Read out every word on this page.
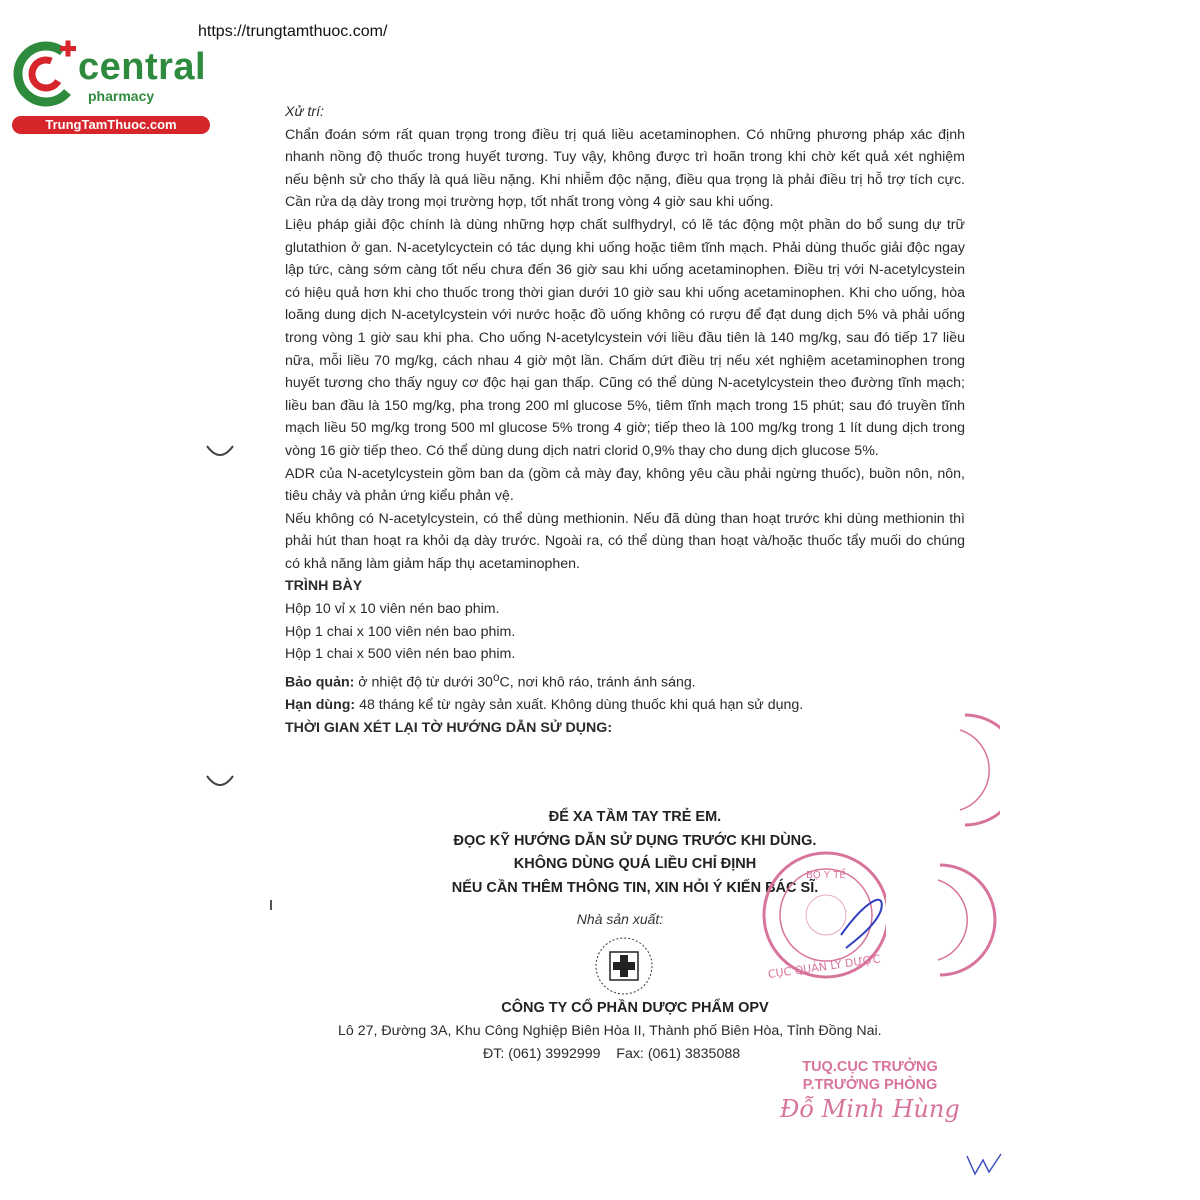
https://trungtamthuoc.com/
central
pharmacy
TrungTamThuoc.com

Xử trí:

Chẩn đoán sớm rất quan trọng trong điều trị quá liều acetaminophen. Có những phương pháp xác định nhanh nồng độ thuốc trong huyết tương. Tuy vậy, không được trì hoãn trong khi chờ kết quả xét nghiệm nếu bệnh sử cho thấy là quá liều nặng. Khi nhiễm độc nặng, điều qua trọng là phải điều trị hỗ trợ tích cực. Cần rửa dạ dày trong mọi trường hợp, tốt nhất trong vòng 4 giờ sau khi uống.

Liệu pháp giải độc chính là dùng những hợp chất sulfhydryl, có lẽ tác động một phần do bổ sung dự trữ glutathion ở gan. N-acetylcyctein có tác dụng khi uống hoặc tiêm tĩnh mạch. Phải dùng thuốc giải độc ngay lập tức, càng sớm càng tốt nếu chưa đến 36 giờ sau khi uống acetaminophen. Điều trị với N-acetylcystein có hiệu quả hơn khi cho thuốc trong thời gian dưới 10 giờ sau khi uống acetaminophen. Khi cho uống, hòa loãng dung dịch N-acetylcystein với nước hoặc đồ uống không có rượu để đạt dung dịch 5% và phải uống trong vòng 1 giờ sau khi pha. Cho uống N-acetylcystein với liều đầu tiên là 140 mg/kg, sau đó tiếp 17 liều nữa, mỗi liều 70 mg/kg, cách nhau 4 giờ một lần. Chấm dứt điều trị nếu xét nghiệm acetaminophen trong huyết tương cho thấy nguy cơ độc hại gan thấp. Cũng có thể dùng N-acetylcystein theo đường tĩnh mạch; liều ban đầu là 150 mg/kg, pha trong 200 ml glucose 5%, tiêm tĩnh mạch trong 15 phút; sau đó truyền tĩnh mạch liều 50 mg/kg trong 500 ml glucose 5% trong 4 giờ; tiếp theo là 100 mg/kg trong 1 lít dung dịch trong vòng 16 giờ tiếp theo. Có thể dùng dung dịch natri clorid 0,9% thay cho dung dịch glucose 5%.

ADR của N-acetylcystein gồm ban da (gồm cả mày đay, không yêu cầu phải ngừng thuốc), buồn nôn, nôn, tiêu chảy và phản ứng kiểu phản vệ.

Nếu không có N-acetylcystein, có thể dùng methionin. Nếu đã dùng than hoạt trước khi dùng methionin thì phải hút than hoạt ra khỏi dạ dày trước. Ngoài ra, có thể dùng than hoạt và/hoặc thuốc tẩy muối do chúng có khả năng làm giảm hấp thụ acetaminophen.

TRÌNH BÀY

Hộp 10 vỉ x 10 viên nén bao phim.

Hộp 1 chai x 100 viên nén bao phim.

Hộp 1 chai x 500 viên nén bao phim.

Bảo quản: ở nhiệt độ từ dưới 30$^o$C, nơi khô ráo, tránh ánh sáng.

Hạn dùng: 48 tháng kể từ ngày sản xuất. Không dùng thuốc khi quá hạn sử dụng.

THỜI GIAN XÉT LẠI TỜ HƯỚNG DẪN SỬ DỤNG:

ĐỂ XA TẦM TAY TRẺ EM.
ĐỌC KỸ HƯỚNG DẪN SỬ DỤNG TRƯỚC KHI DÙNG.
KHÔNG DÙNG QUÁ LIỀU CHỈ ĐỊNH
NẾU CẦN THÊM THÔNG TIN, XIN HỎI Ý KIẾN BÁC SĨ.
Nhà sản xuất:
CÔNG TY CỔ PHẦN DƯỢC PHẨM OPV
Lô 27, Đường 3A, Khu Công Nghiệp Biên Hòa II, Thành phố Biên Hòa, Tỉnh Đồng Nai.
ĐT: (061) 3992999    Fax: (061) 3835088
BỘ Y TẾ
CỤC QUẢN LÝ DƯỢC
TUQ.CỤC TRƯỞNG
P.TRƯỞNG PHÒNG
Đỗ Minh Hùng
